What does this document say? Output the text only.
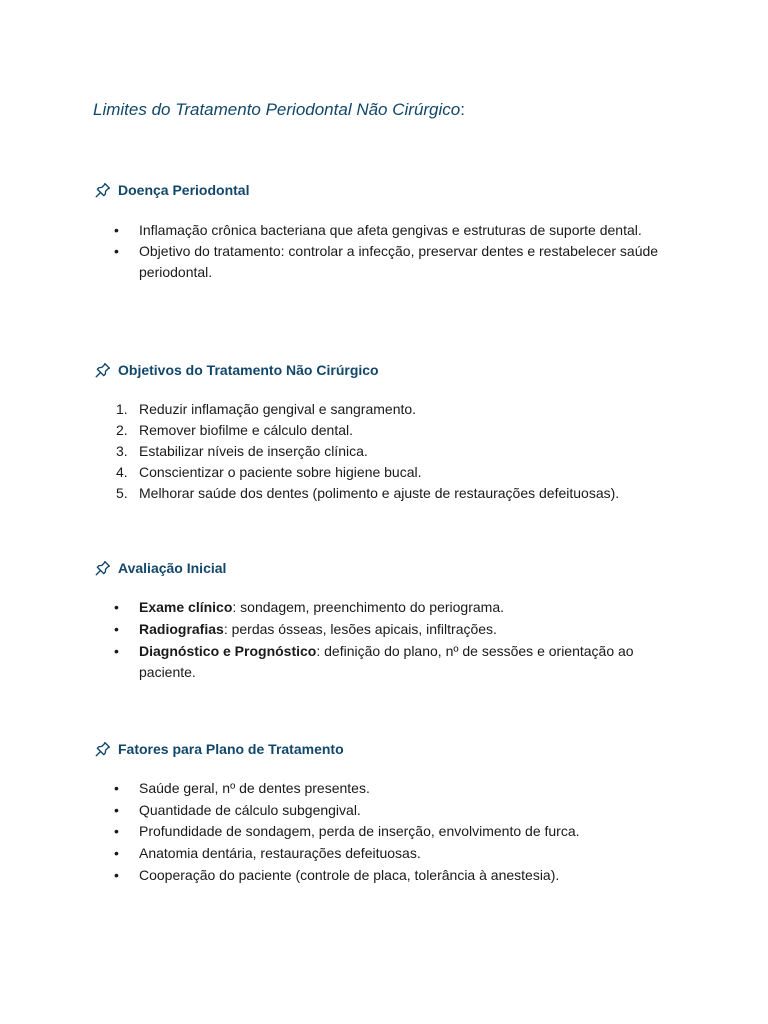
Limites do Tratamento Periodontal Não Cirúrgico:
Doença Periodontal
•	Inflamação crônica bacteriana que afeta gengivas e estruturas de suporte dental.
•	Objetivo do tratamento: controlar a infecção, preservar dentes e restabelecer saúde periodontal.
Objetivos do Tratamento Não Cirúrgico
1. Reduzir inflamação gengival e sangramento.
2. Remover biofilme e cálculo dental.
3. Estabilizar níveis de inserção clínica.
4. Conscientizar o paciente sobre higiene bucal.
5. Melhorar saúde dos dentes (polimento e ajuste de restaurações defeituosas).
Avaliação Inicial
•	Exame clínico: sondagem, preenchimento do periograma.
•	Radiografias: perdas ósseas, lesões apicais, infiltrações.
•	Diagnóstico e Prognóstico: definição do plano, nº de sessões e orientação ao paciente.
Fatores para Plano de Tratamento
•	Saúde geral, nº de dentes presentes.
•	Quantidade de cálculo subgengival.
•	Profundidade de sondagem, perda de inserção, envolvimento de furca.
•	Anatomia dentária, restaurações defeituosas.
•	Cooperação do paciente (controle de placa, tolerância à anestesia).
